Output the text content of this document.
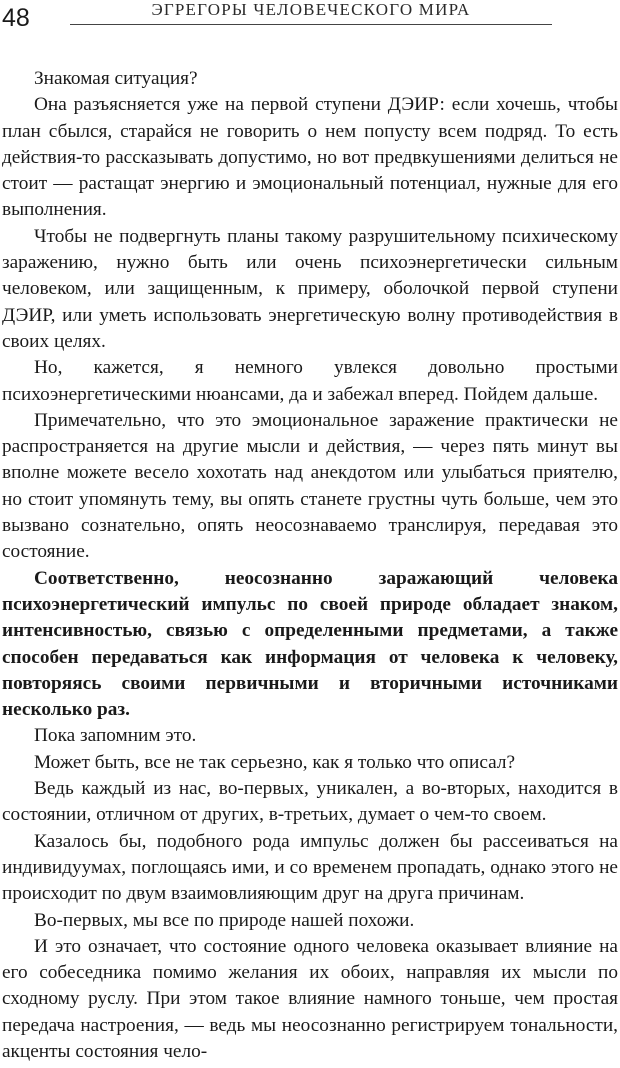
48	ЭГРЕГОРЫ ЧЕЛОВЕЧЕСКОГО МИРА

Знакомая ситуация?

Она разъясняется уже на первой ступени ДЭИР: если хочешь, чтобы план сбылся, старайся не говорить о нем попусту всем подряд. То есть действия-то рассказывать допустимо, но вот предвкушениями делиться не стоит — растащат энергию и эмоциональный потенциал, нужные для его выполнения.

Чтобы не подвергнуть планы такому разрушительному психическому заражению, нужно быть или очень психоэнергетически сильным человеком, или защищенным, к примеру, оболочкой первой ступени ДЭИР, или уметь использовать энергетическую волну противодействия в своих целях.

Но, кажется, я немного увлекся довольно простыми психоэнергетическими нюансами, да и забежал вперед. Пойдем дальше.

Примечательно, что это эмоциональное заражение практически не распространяется на другие мысли и действия, — через пять минут вы вполне можете весело хохотать над анекдотом или улыбаться приятелю, но стоит упомянуть тему, вы опять станете грустны чуть больше, чем это вызвано сознательно, опять неосознаваемо транслируя, передавая это состояние.

Соответственно, неосознанно заражающий человека психоэнергетический импульс по своей природе обладает знаком, интенсивностью, связью с определенными предметами, а также способен передаваться как информация от человека к человеку, повторяясь своими первичными и вторичными источниками несколько раз.

Пока запомним это.

Может быть, все не так серьезно, как я только что описал?

Ведь каждый из нас, во-первых, уникален, а во-вторых, находится в состоянии, отличном от других, в-третьих, думает о чем-то своем.

Казалось бы, подобного рода импульс должен бы рассеиваться на индивидуумах, поглощаясь ими, и со временем пропадать, однако этого не происходит по двум взаимовлияющим друг на друга причинам.

Во-первых, мы все по природе нашей похожи.

И это означает, что состояние одного человека оказывает влияние на его собеседника помимо желания их обоих, направляя их мысли по сходному руслу. При этом такое влияние намного тоньше, чем простая передача настроения, — ведь мы неосознанно регистрируем тональности, акценты состояния чело-
